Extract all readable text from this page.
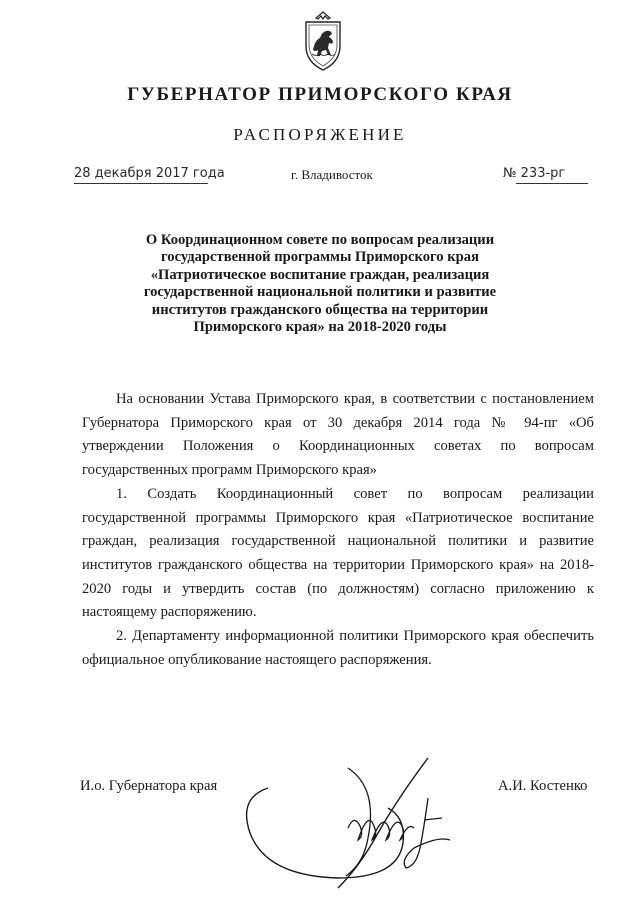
ГУБЕРНАТОР ПРИМОРСКОГО КРАЯ
РАСПОРЯЖЕНИЕ
28 декабря 2017 года	г. Владивосток	№ 233-рг
О Координационном совете по вопросам реализации государственной программы Приморского края «Патриотическое воспитание граждан, реализация государственной национальной политики и развитие институтов гражданского общества на территории Приморского края» на 2018-2020 годы

На основании Устава Приморского края, в соответствии с постановлением Губернатора Приморского края от 30 декабря 2014 года № 94-пг «Об утверждении Положения о Координационных советах по вопросам государственных программ Приморского края»

1. Создать Координационный совет по вопросам реализации государственной программы Приморского края «Патриотическое воспитание граждан, реализация государственной национальной политики и развитие институтов гражданского общества на территории Приморского края» на 2018-2020 годы и утвердить состав (по должностям) согласно приложению к настоящему распоряжению.

2. Департаменту информационной политики Приморского края обеспечить официальное опубликование настоящего распоряжения.

И.о. Губернатора края	А.И. Костенко
